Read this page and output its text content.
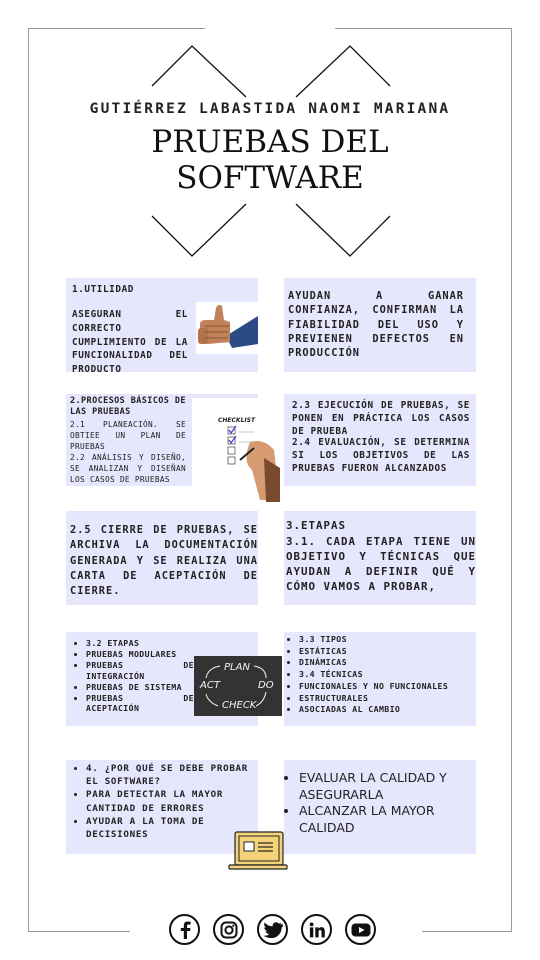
GUTIÉRREZ LABASTIDA NAOMI MARIANA
PRUEBAS DEL
SOFTWARE
1.UTILIDAD
ASEGURAN EL CORRECTO CUMPLIMIENTO DE LA FUNCIONALIDAD DEL PRODUCTO
AYUDAN A GANAR CONFIANZA, CONFIRMAN LA FIABILIDAD DEL USO Y PREVIENEN DEFECTOS EN PRODUCCIÓN
2.PROCESOS BÁSICOS DE LAS PRUEBAS
2.1 PLANEACIÓN. SE OBTIEE UN PLAN DE PRUEBAS
2.2 ANÁLISIS Y DISEÑO, SE ANALIZAN Y DISEÑAN LOS CASOS DE PRUEBAS
CHECKLIST
2.3 EJECUCIÓN DE PRUEBAS, SE PONEN EN PRÁCTICA LOS CASOS DE PRUEBA
2.4 EVALUACIÓN, SE DETERMINA SI LOS OBJETIVOS DE LAS PRUEBAS FUERON ALCANZADOS
2.5 CIERRE DE PRUEBAS, SE ARCHIVA LA DOCUMENTACIÓN GENERADA Y SE REALIZA UNA CARTA DE ACEPTACIÓN DE CIERRE.
3.ETAPAS
3.1. CADA ETAPA TIENE UN OBJETIVO Y TÉCNICAS QUE AYUDAN A DEFINIR QUÉ Y CÓMO VAMOS A PROBAR,
• 3.2 ETAPAS
• PRUEBAS MODULARES
• PRUEBAS DE INTEGRACIÓN
• PRUEBAS DE SISTEMA
• PRUEBAS DE ACEPTACIÓN
PLAN
DO
CHECK
ACT
• 3.3 TIPOS
• ESTÁTICAS
• DINÁMICAS
• 3.4 TÉCNICAS
• FUNCIONALES Y NO FUNCIONALES
• ESTRUCTURALES
• ASOCIADAS AL CAMBIO
• 4. ¿POR QUÉ SE DEBE PROBAR EL SOFTWARE?
• PARA DETECTAR LA MAYOR CANTIDAD DE ERRORES
• AYUDAR A LA TOMA DE DECISIONES
• EVALUAR LA CALIDAD Y ASEGURARLA
• ALCANZAR LA MAYOR CALIDAD
